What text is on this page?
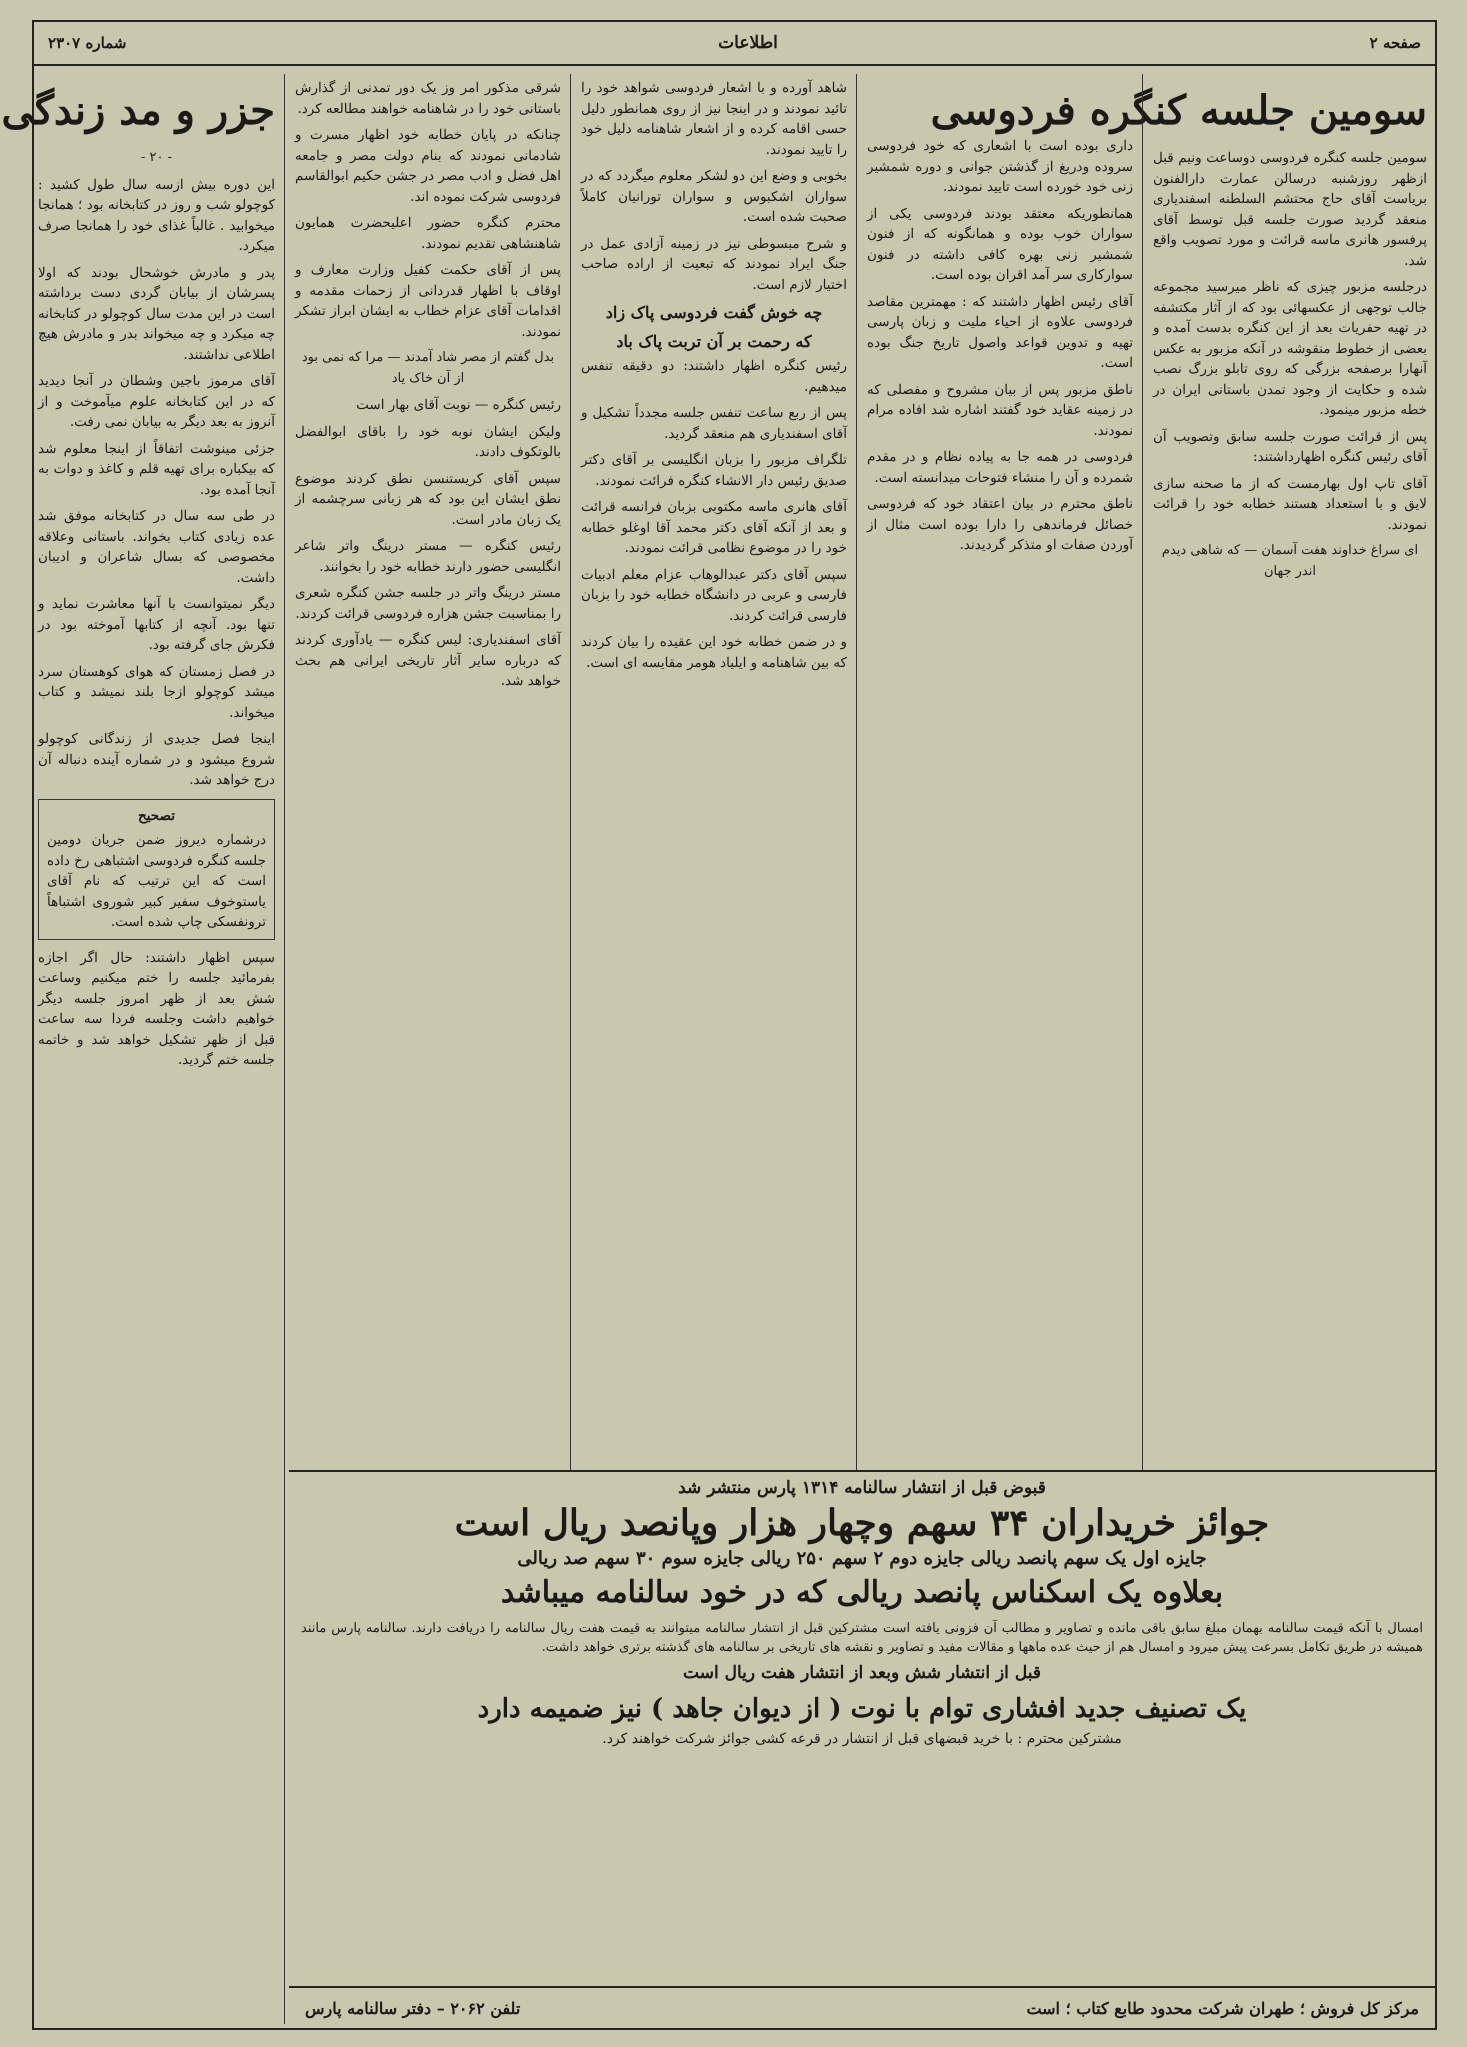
صفحه ۲
اطلاعات
شماره ۲۳۰۷
سومین جلسه کنگره فردوسی

سومین جلسه کنگره فردوسی دوساعت ونیم قبل ازظهر روزشنبه درسالن عمارت دارالفنون بریاست آقای حاج محتشم السلطنه اسفندیاری منعقد گردید صورت جلسه قبل توسط آقای پرفسور هانری ماسه قرائت و مورد تصویب واقع شد.

درجلسه مزبور چیزی که ناظر میرسید مجموعه جالب توجهی از عکسهائی بود که از آثار مکتشفه در تهیه حفریات بعد از این کنگره بدست آمده و بعضی از خطوط منقوشه در آنکه مزبور به عکس آنهارا برصفحه بزرگی که روی تابلو بزرگ نصب شده و حکایت از وجود تمدن باستانی ایران در خطه مزبور مینمود.

پس از قرائت صورت جلسه سابق وتصویب آن آقای رئیس کنگره اظهارداشتند:

آقای تاپ اول بهارمست که از ما صحنه سازی لایق و با استعداد هستند خطابه خود را قرائت نمودند.

ای سراغ خداوند هفت آسمان — که شاهی دیدم اندر جهان

داری بوده است با اشعاری که خود فردوسی سروده ودریغ از گذشتن جوانی و دوره شمشیر زنی خود خورده است تایید نمودند.

همانطوریکه معتقد بودند فردوسی یکی از سواران خوب بوده و همانگونه که از فنون شمشیر زنی بهره کافی داشته در فنون سوارکاری سر آمد اقران بوده است.

آقای رئیس اظهار داشتند که : مهمترین مقاصد فردوسی علاوه از احیاء ملیت و زبان پارسی تهیه و تدوین قواعد واصول تاریخ جنگ بوده است.

ناطق مزبور پس از بیان مشروح و مفصلی که در زمینه عقاید خود گفتند اشاره شد افاده مرام نمودند.

فردوسی در همه جا به پیاده نظام و در مقدم شمرده و آن را منشاء فتوحات میدانسته است.

ناطق محترم در بیان اعتقاد خود که فردوسی خصائل فرماندهی را دارا بوده است مثال از آوردن صفات او متذکر گردیدند.

شاهد آورده و با اشعار فردوسی شواهد خود را تائید نمودند و در اینجا نیز از روی همانطور دلیل حسی اقامه کرده و از اشعار شاهنامه دلیل خود را تایید نمودند.

بخوبی و وضع این دو لشکر معلوم میگردد که در سواران اشکبوس و سواران تورانیان کاملاً صحبت شده است.

و شرح مبسوطی نیز در زمینه آزادی عمل در جنگ ایراد نمودند که تبعیت از اراده صاحب اختیار لازم است.

چه خوش گفت فردوسی پاک زاد
که رحمت بر آن تربت پاک باد

رئیس کنگره اظهار داشتند: دو دقیقه تنفس میدهیم.

پس از ربع ساعت تنفس جلسه مجدداً تشکیل و آقای اسفندیاری هم منعقد گردید.

تلگراف مزبور را بزبان انگلیسی بر آقای دکتر صدیق رئیس دار الانشاء کنگره فرائت نمودند.

آقای هانری ماسه مکتوبی بزبان فرانسه قرائت و بعد از آنکه آقای دکتر محمد آقا اوغلو خطابه خود را در موضوع نظامی قرائت نمودند.

سپس آقای دکتر عبدالوهاب عزام معلم ادبیات فارسی و عربی در دانشگاه خطابه خود را بزبان فارسی قرائت کردند.

و در ضمن خطابه خود این عقیده را بیان کردند که بین شاهنامه و ایلیاد هومر مقایسه ای است.

شرقی مذکور امر وز یک دور تمدنی از گذارش باستانی خود را در شاهنامه خواهند مطالعه کرد.

چنانکه در پایان خطابه خود اظهار مسرت و شادمانی نمودند که بنام دولت مصر و جامعه اهل فضل و ادب مصر در جشن حکیم ابوالقاسم فردوسی شرکت نموده اند.

محترم کنگره حضور اعلیحضرت همایون شاهنشاهی تقدیم نمودند.

پس از آقای حکمت کفیل وزارت معارف و اوقاف با اظهار قدردانی از زحمات مقدمه و اقدامات آقای عزام خطاب به ایشان ابراز تشکر نمودند.

بدل گفتم از مصر شاد آمدند — مرا که نمی بود از آن خاک یاد

رئیس کنگره — نوبت آقای بهار است

ولیکن ایشان نوبه خود را باقای ابوالفضل بالوتکوف دادند.

سپس آقای کریستنسن نطق کردند موضوع نطق ایشان این بود که هر زبانی سرچشمه از یک زبان مادر است.

رئیس کنگره — مستر درینگ واتر شاعر انگلیسی حضور دارند خطابه خود را بخوانند.

مستر درینگ واتر در جلسه جشن کنگره شعری را بمناسبت جشن هزاره فردوسی قرائت کردند.

آقای اسفندیاری: لیس کنگره — یادآوری کردند که درباره سایر آثار تاریخی ایرانی هم بحث خواهد شد.

جزر و مد زندگی
- ۲۰ -

این دوره بیش ازسه سال طول کشید : کوچولو شب و روز در کتابخانه بود ؛ همانجا میخوابید . غالباً غذای خود را همانجا صرف میکرد.

پدر و مادرش خوشحال بودند که اولا پسرشان از بیابان گردی دست برداشته است در این مدت سال کوچولو در کتابخانه چه میکرد و چه میخواند بدر و مادرش هیچ اطلاعی نداشتند.

آقای مرموز باجین وشطان در آنجا دیدید که در این کتابخانه علوم میآموخت و از آنروز به بعد دیگر به بیابان نمی رفت.

جزئی مینوشت اتفاقاً از اینجا معلوم شد که بیکباره برای تهیه قلم و کاغذ و دوات به آنجا آمده بود.

در طی سه سال در کتابخانه موفق شد عده زیادی کتاب بخواند. باستانی وعلاقه مخصوصی که بسال شاعران و ادیبان داشت.

دیگر نمیتوانست با آنها معاشرت نماید و تنها بود. آنچه از کتابها آموخته بود در فکرش جای گرفته بود.

در فصل زمستان که هوای کوهستان سرد میشد کوچولو ازجا بلند نمیشد و کتاب میخواند.

اینجا فصل جدیدی از زندگانی کوچولو شروع میشود و در شماره آینده دنباله آن درج خواهد شد.

تصحیح
درشماره دیروز ضمن جریان دومین جلسه کنگره فردوسی اشتباهی رخ داده است که این ترتیب که نام آقای یاستوخوف سفیر کبیر شوروی اشتباهاً ترونفسکی چاپ شده است.

سپس اظهار داشتند: حال اگر اجازه بفرمائید جلسه را ختم میکنیم وساعت شش بعد از ظهر امروز جلسه دیگر خواهیم داشت وجلسه فردا سه ساعت قبل از ظهر تشکیل خواهد شد و خاتمه جلسه ختم گردید.

قبوض قبل از انتشار سالنامه ۱۳۱۴ پارس منتشر شد
جوائز خریداران ۳۴ سهم وچهار هزار وپانصد ریال است
جایزه اول یک سهم پانصد ریالی جایزه دوم ۲ سهم ۲۵۰ ریالی جایزه سوم ۳۰ سهم صد ریالی
بعلاوه یک اسکناس پانصد ریالی که در خود سالنامه میباشد
امسال با آنکه قیمت سالنامه بهمان مبلغ سابق باقی مانده و تصاویر و مطالب آن فزونی یافته است مشترکین قبل از انتشار سالنامه میتوانند به قیمت هفت ریال سالنامه را دریافت دارند. سالنامه پارس مانند همیشه در طریق تکامل بسرعت پیش میرود و امسال هم از حیث عده ماهها و مقالات مفید و تصاویر و نقشه های تاریخی بر سالنامه های گذشته برتری خواهد داشت.
قبل از انتشار شش وبعد از انتشار هفت ریال است
یک تصنیف جدید افشاری توام با نوت ( از دیوان جاهد ) نیز ضمیمه دارد
مشترکین محترم : با خرید قبضهای قبل از انتشار در قرعه کشی جوائز شرکت خواهند کرد.
مرکز کل فروش ؛ طهران شرکت محدود طابع کتاب ؛ است
تلفن ۲۰۶۲ – دفتر سالنامه پارس
